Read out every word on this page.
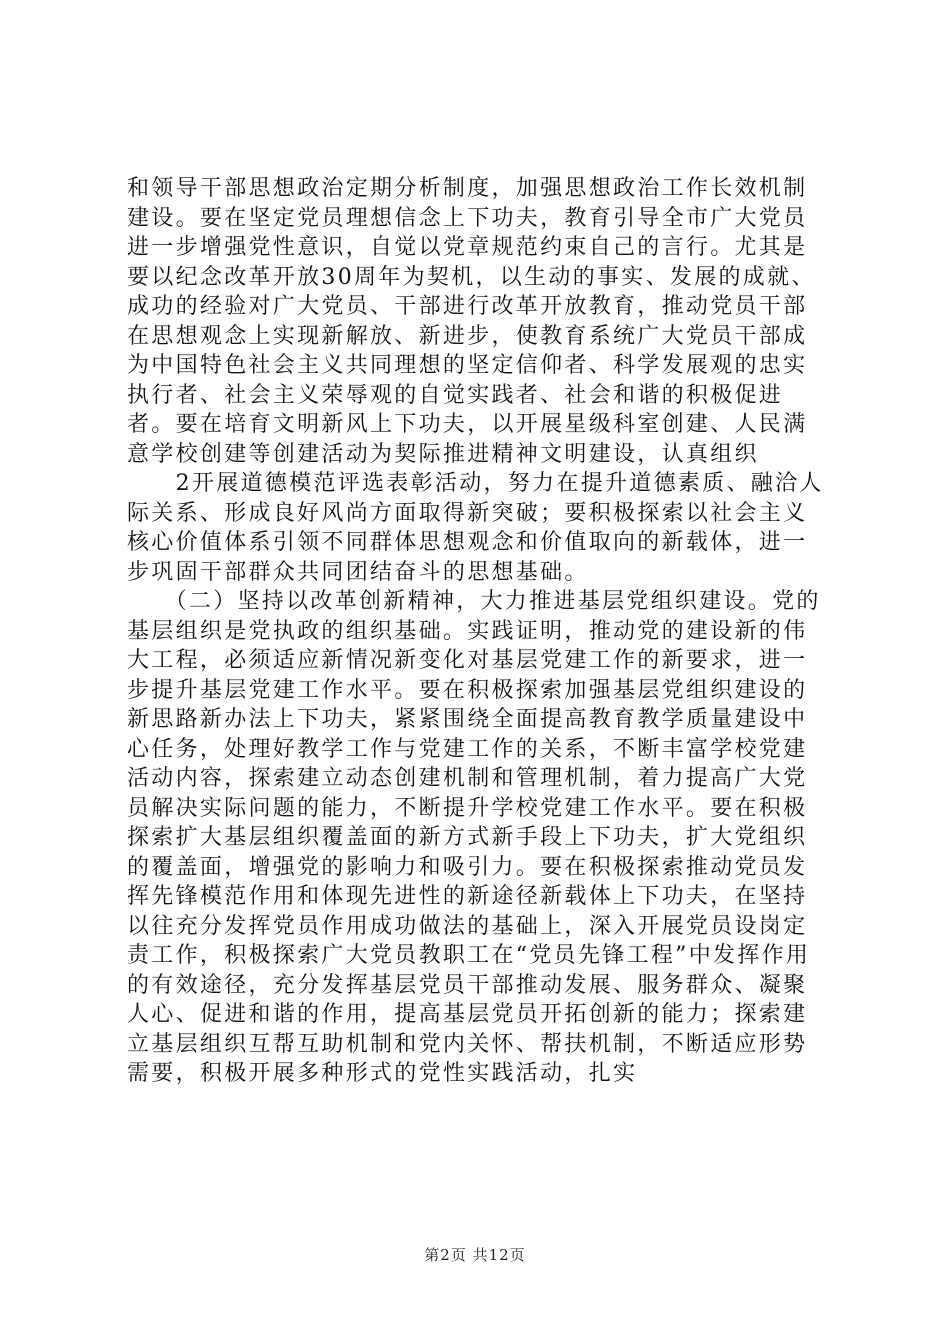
和领导干部思想政治定期分析制度，加强思想政治工作长效机制建设。要在坚定党员理想信念上下功夫，教育引导全市广大党员进一步增强党性意识，自觉以党章规范约束自己的言行。尤其是要以纪念改革开放30周年为契机，以生动的事实、发展的成就、成功的经验对广大党员、干部进行改革开放教育，推动党员干部在思想观念上实现新解放、新进步，使教育系统广大党员干部成为中国特色社会主义共同理想的坚定信仰者、科学发展观的忠实执行者、社会主义荣辱观的自觉实践者、社会和谐的积极促进者。要在培育文明新风上下功夫，以开展星级科室创建、人民满意学校创建等创建活动为契际推进精神文明建设，认真组织

　　2开展道德模范评选表彰活动，努力在提升道德素质、融洽人际关系、形成良好风尚方面取得新突破；要积极探索以社会主义核心价值体系引领不同群体思想观念和价值取向的新载体，进一步巩固干部群众共同团结奋斗的思想基础。

　　（二）坚持以改革创新精神，大力推进基层党组织建设。党的基层组织是党执政的组织基础。实践证明，推动党的建设新的伟大工程，必须适应新情况新变化对基层党建工作的新要求，进一步提升基层党建工作水平。要在积极探索加强基层党组织建设的新思路新办法上下功夫，紧紧围绕全面提高教育教学质量建设中心任务，处理好教学工作与党建工作的关系，不断丰富学校党建活动内容，探索建立动态创建机制和管理机制，着力提高广大党员解决实际问题的能力，不断提升学校党建工作水平。要在积极探索扩大基层组织覆盖面的新方式新手段上下功夫，扩大党组织的覆盖面，增强党的影响力和吸引力。要在积极探索推动党员发挥先锋模范作用和体现先进性的新途径新载体上下功夫，在坚持以往充分发挥党员作用成功做法的基础上，深入开展党员设岗定责工作，积极探索广大党员教职工在“党员先锋工程”中发挥作用的有效途径，充分发挥基层党员干部推动发展、服务群众、凝聚人心、促进和谐的作用，提高基层党员开拓创新的能力；探索建立基层组织互帮互助机制和党内关怀、帮扶机制，不断适应形势需要，积极开展多种形式的党性实践活动，扎实

第2页 共12页
